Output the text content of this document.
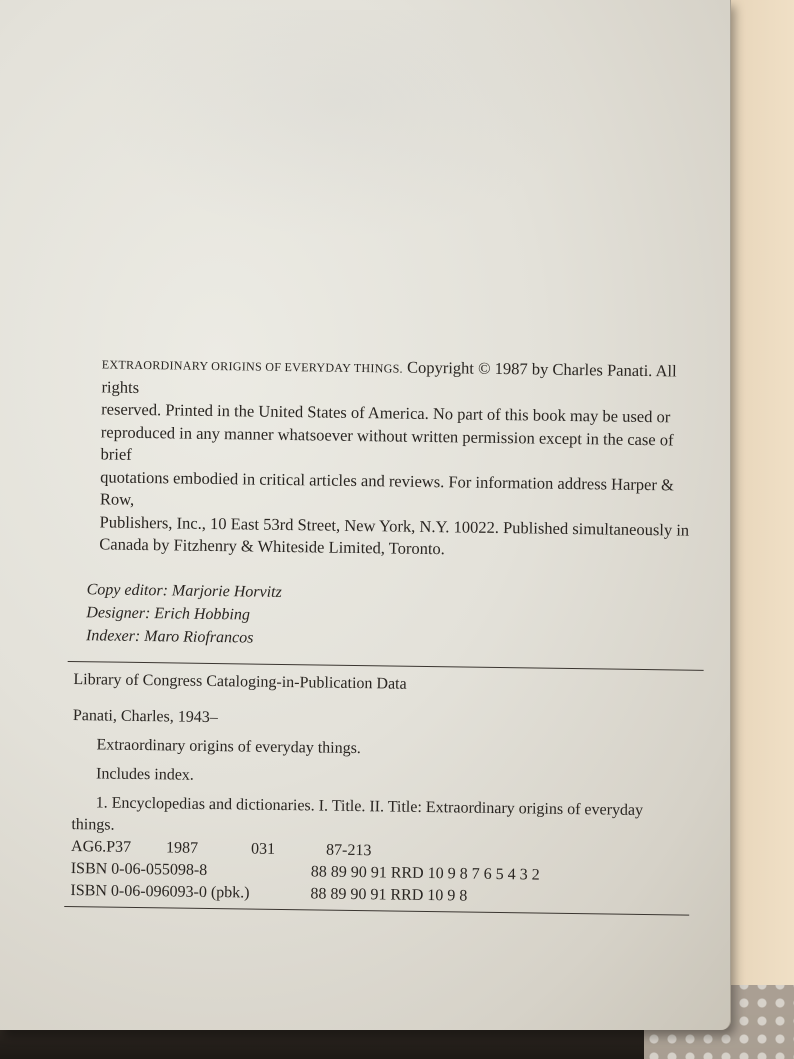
EXTRAORDINARY ORIGINS OF EVERYDAY THINGS. Copyright © 1987 by Charles Panati. All rights
reserved. Printed in the United States of America. No part of this book may be used or
reproduced in any manner whatsoever without written permission except in the case of brief
quotations embodied in critical articles and reviews. For information address Harper & Row,
Publishers, Inc., 10 East 53rd Street, New York, N.Y. 10022. Published simultaneously in
Canada by Fitzhenry & Whiteside Limited, Toronto.
Copy editor: Marjorie Horvitz
Designer: Erich Hobbing
Indexer: Maro Riofrancos
Library of Congress Cataloging-in-Publication Data
Panati, Charles, 1943–
Extraordinary origins of everyday things.
Includes index.
1. Encyclopedias and dictionaries. I. Title. II. Title: Extraordinary origins of everyday
things.
AG6.P37	1987	031	87-213
ISBN 0-06-055098-8	88 89 90 91 RRD 10 9 8 7 6 5 4 3 2
ISBN 0-06-096093-0 (pbk.)	88 89 90 91 RRD 10 9 8
